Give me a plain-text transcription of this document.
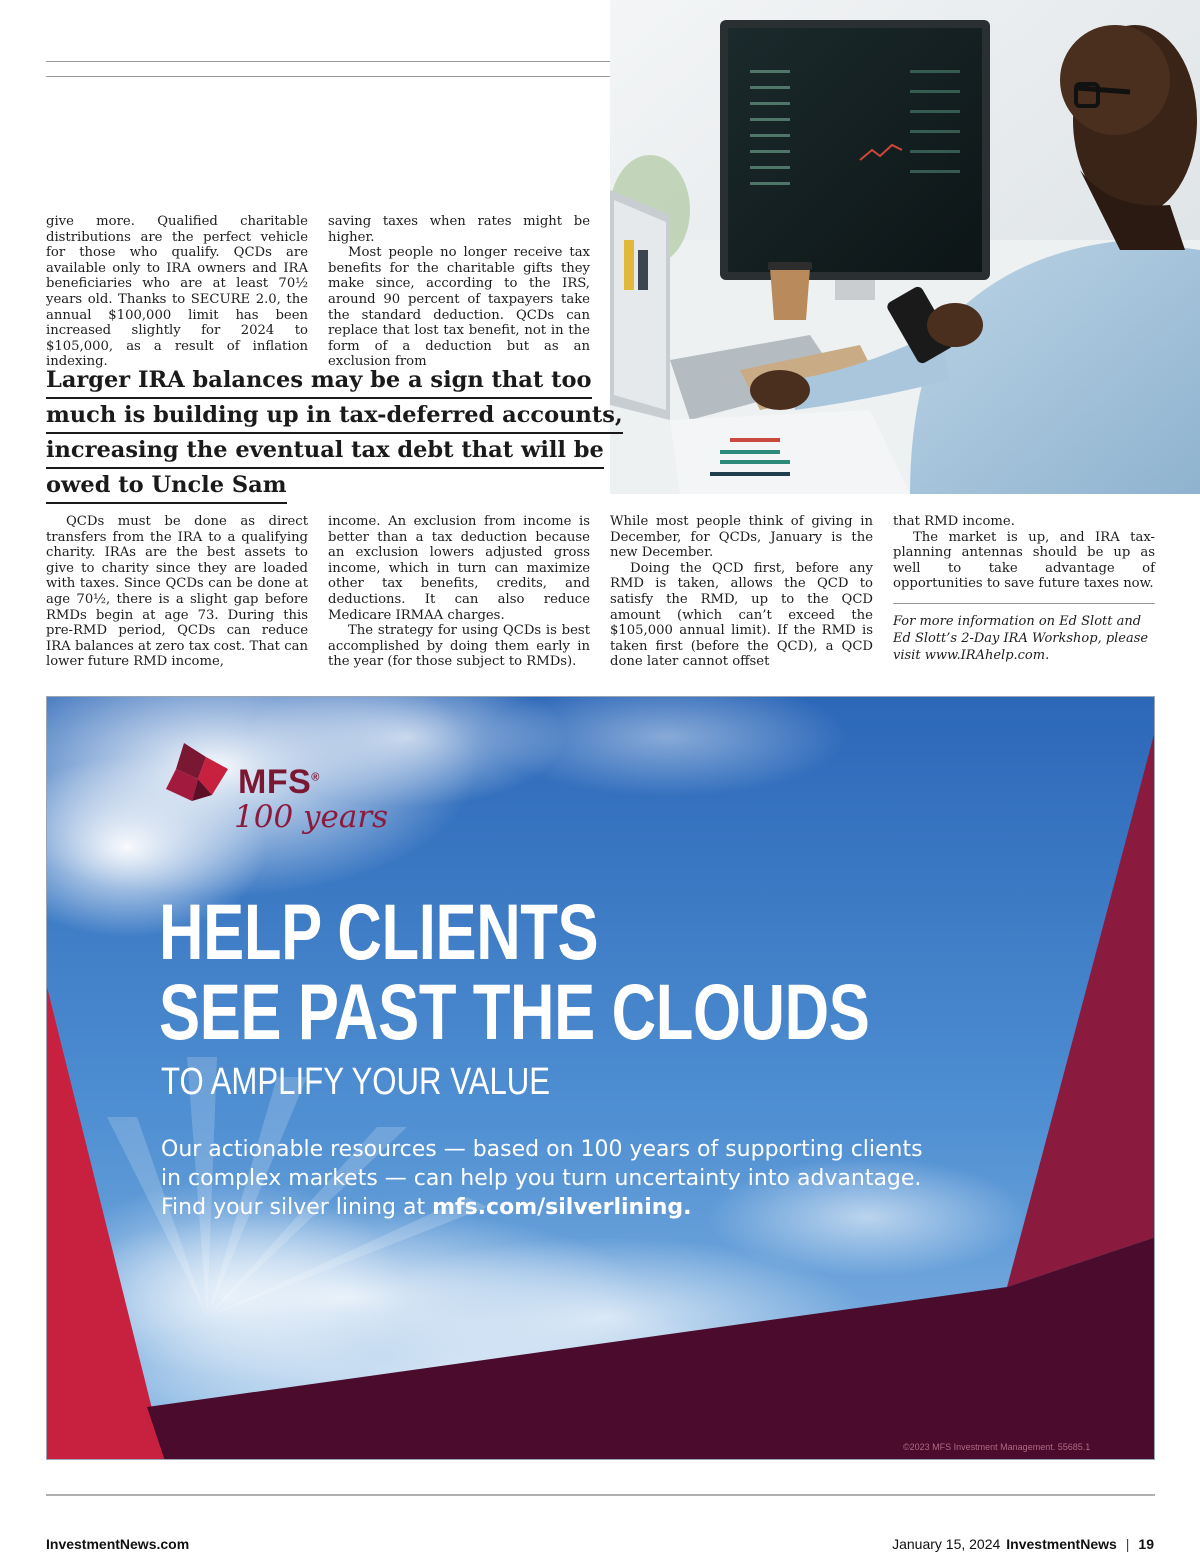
give more. Qualified charitable distributions are the perfect vehicle for those who qualify. QCDs are available only to IRA owners and IRA beneficiaries who are at least 70½ years old. Thanks to SECURE 2.0, the annual $100,000 limit has been increased slightly for 2024 to $105,000, as a result of inflation indexing.

saving taxes when rates might be higher.

Most people no longer receive tax benefits for the charitable gifts they make since, according to the IRS, around 90 percent of taxpayers take the standard deduction. QCDs can replace that lost tax benefit, not in the form of a deduction but as an exclusion from

Larger IRA balances may be a sign that too
much is building up in tax-deferred accounts,
increasing the eventual tax debt that will be
owed to Uncle Sam

QCDs must be done as direct transfers from the IRA to a qualifying charity. IRAs are the best assets to give to charity since they are loaded with taxes. Since QCDs can be done at age 70½, there is a slight gap before RMDs begin at age 73. During this pre-RMD period, QCDs can reduce IRA balances at zero tax cost. That can lower future RMD income,

income. An exclusion from income is better than a tax deduction because an exclusion lowers adjusted gross income, which in turn can maximize other tax benefits, credits, and deductions. It can also reduce Medicare IRMAA charges.

The strategy for using QCDs is best accomplished by doing them early in the year (for those subject to RMDs).

While most people think of giving in December, for QCDs, January is the new December.

Doing the QCD first, before any RMD is taken, allows the QCD to satisfy the RMD, up to the QCD amount (which can’t exceed the $105,000 annual limit). If the RMD is taken first (before the QCD), a QCD done later cannot offset

that RMD income.

The market is up, and IRA tax-planning antennas should be up as well to take advantage of opportunities to save future taxes now.

For more information on Ed Slott and Ed Slott’s 2-Day IRA Workshop, please visit www.IRAhelp.com.
MFS®
100 years
HELP CLIENTS
SEE PAST THE CLOUDS
TO AMPLIFY YOUR VALUE
Our actionable resources — based on 100 years of supporting clients
in complex markets — can help you turn uncertainty into advantage.
Find your silver lining at mfs.com/silverlining.
©2023 MFS Investment Management. 55685.1
InvestmentNews.com	January 15, 2024 InvestmentNews | 19
